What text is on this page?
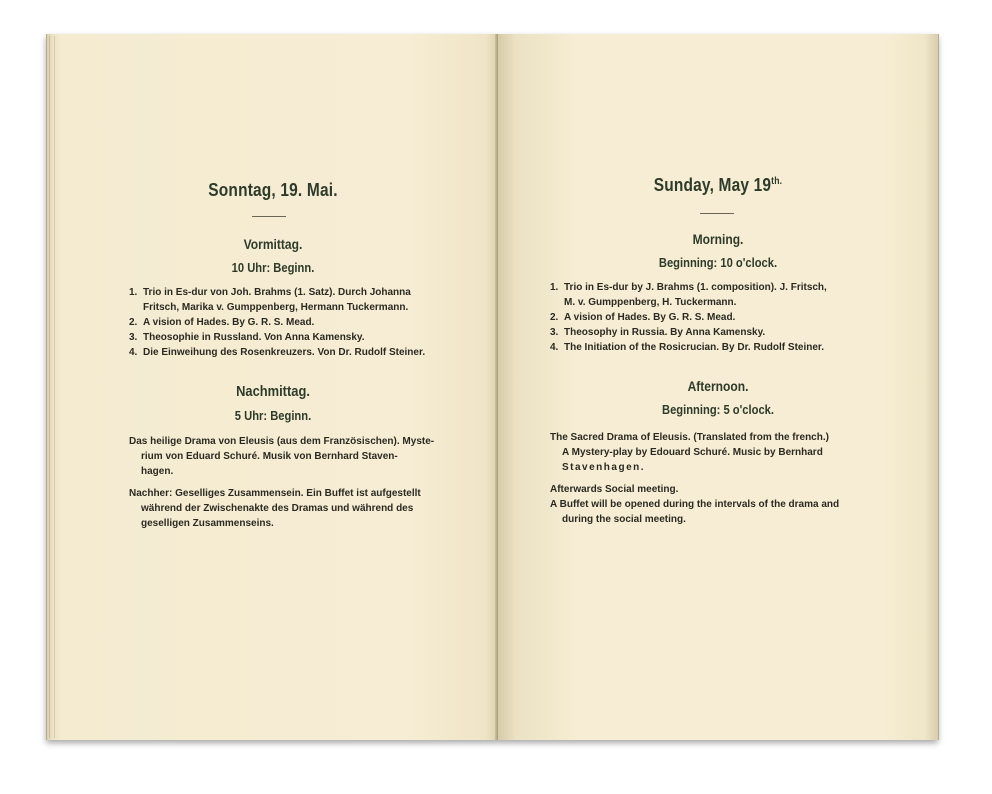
Sonntag, 19. Mai.
Vormittag.
10 Uhr: Beginn.
1. Trio in Es-dur von Joh. Brahms (1. Satz). Durch Johanna
Fritsch, Marika v. Gumppenberg, Hermann Tuckermann.
2. A vision of Hades. By G. R. S. Mead.
3. Theosophie in Russland. Von Anna Kamensky.
4. Die Einweihung des Rosenkreuzers. Von Dr. Rudolf Steiner.
Nachmittag.
5 Uhr: Beginn.
Das heilige Drama von Eleusis (aus dem Französischen). Myste-

rium von Eduard Schuré. Musik von Bernhard Staven-
hagen.
Nachher: Geselliges Zusammensein. Ein Buffet ist aufgestellt

während der Zwischenakte des Dramas und während des
geselligen Zusammenseins.
Sunday, May $19^{th.}$
Morning.
Beginning: 10 o'clock.
1. Trio in Es-dur by J. Brahms (1. composition). J. Fritsch,
M. v. Gumppenberg, H. Tuckermann.
2. A vision of Hades. By G. R. S. Mead.
3. Theosophy in Russia. By Anna Kamensky.
4. The Initiation of the Rosicrucian. By Dr. Rudolf Steiner.
Afternoon.
Beginning: 5 o'clock.
The Sacred Drama of Eleusis. (Translated from the french.)

A Mystery-play by Edouard Schuré. Music by Bernhard
Stavenhagen.
Afterwards Social meeting.
A Buffet will be opened during the intervals of the drama and
during the social meeting.
